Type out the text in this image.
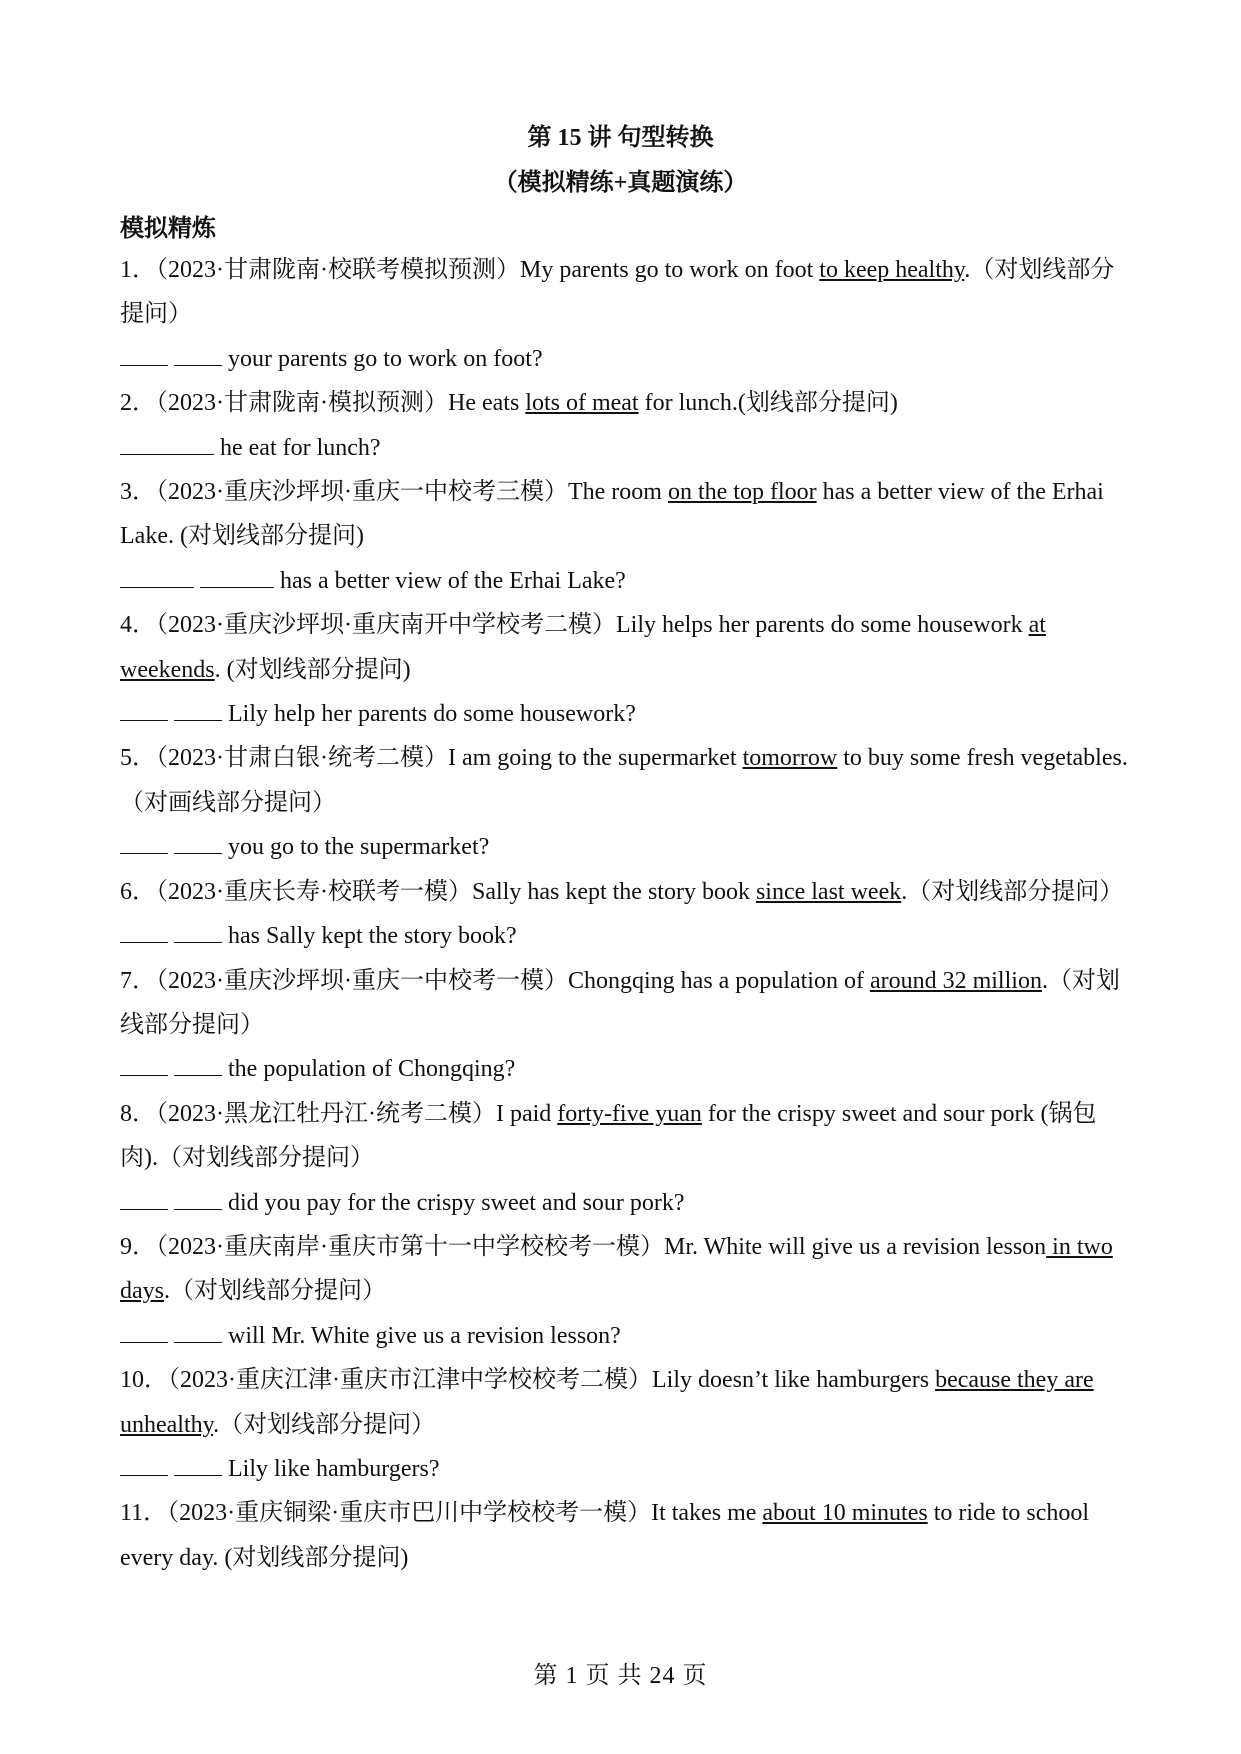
第 15 讲 句型转换
（模拟精练+真题演练）
模拟精炼

1．（2023·甘肃陇南·校联考模拟预测）My parents go to work on foot to keep healthy.（对划线部分提问）

your parents go to work on foot?

2．（2023·甘肃陇南·模拟预测）He eats lots of meat for lunch.(划线部分提问)

he eat for lunch?

3．（2023·重庆沙坪坝·重庆一中校考三模）The room on the top floor has a better view of the Erhai Lake. (对划线部分提问)

has a better view of the Erhai Lake?

4．（2023·重庆沙坪坝·重庆南开中学校考二模）Lily helps her parents do some housework at weekends. (对划线部分提问)

Lily help her parents do some housework?

5．（2023·甘肃白银·统考二模）I am going to the supermarket tomorrow to buy some fresh vegetables. （对画线部分提问）

you go to the supermarket?

6．（2023·重庆长寿·校联考一模）Sally has kept the story book since last week.（对划线部分提问）

has Sally kept the story book?

7．（2023·重庆沙坪坝·重庆一中校考一模）Chongqing has a population of around 32 million.（对划线部分提问）

the population of Chongqing?

8．（2023·黑龙江牡丹江·统考二模）I paid forty-five yuan for the crispy sweet and sour pork (锅包肉).（对划线部分提问）

did you pay for the crispy sweet and sour pork?

9．（2023·重庆南岸·重庆市第十一中学校校考一模）Mr. White will give us a revision lesson in two days.（对划线部分提问）

will Mr. White give us a revision lesson?

10．（2023·重庆江津·重庆市江津中学校校考二模）Lily doesn’t like hamburgers because they are unhealthy.（对划线部分提问）

Lily like hamburgers?

11．（2023·重庆铜梁·重庆市巴川中学校校考一模）It takes me about 10 minutes to ride to school every day. (对划线部分提问)

第 1 页 共 24 页
